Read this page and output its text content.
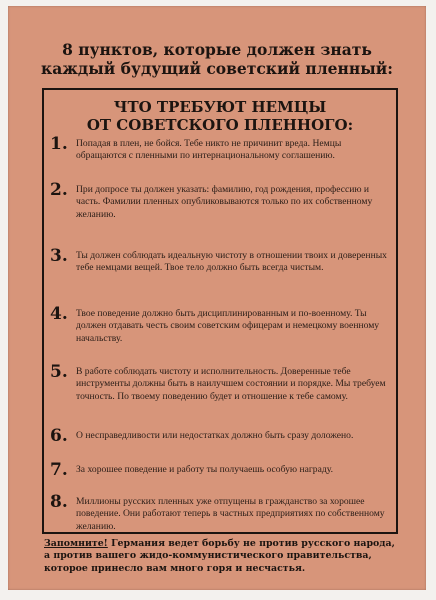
8 пунктов, которые должен знать
каждый будущий советский пленный:
ЧТО ТРЕБУЮТ НЕМЦЫ
ОТ СОВЕТСКОГО ПЛЕННОГО:
1. Попадая в плен, не бойся. Тебе никто не причинит вреда. Немцы обращаются с пленными по интернациональному соглашению.
2. При допросе ты должен указать: фамилию, год рождения, профессию и часть. Фамилии пленных опубликовываются только по их собственному желанию.
3. Ты должен соблюдать идеальную чистоту в отношении твоих и доверенных тебе немцами вещей. Твое тело должно быть всегда чистым.
4. Твое поведение должно быть дисциплинированным и по-военному. Ты должен отдавать честь своим советским офицерам и немецкому военному начальству.
5. В работе соблюдать чистоту и исполнительность. Доверенные тебе инструменты должны быть в наилучшем состоянии и порядке. Мы требуем точность. По твоему поведению будет и отношение к тебе самому.
6. О несправедливости или недостатках должно быть сразу доложено.
7. За хорошее поведение и работу ты получаешь особую награду.
8. Миллионы русских пленных уже отпущены в гражданство за хорошее поведение. Они работают теперь в частных предприятиях по собственному желанию.
Запомните! Германия ведет борьбу не против русского народа, а против вашего жидо-коммунистического правительства, которое принесло вам много горя и несчастья.
